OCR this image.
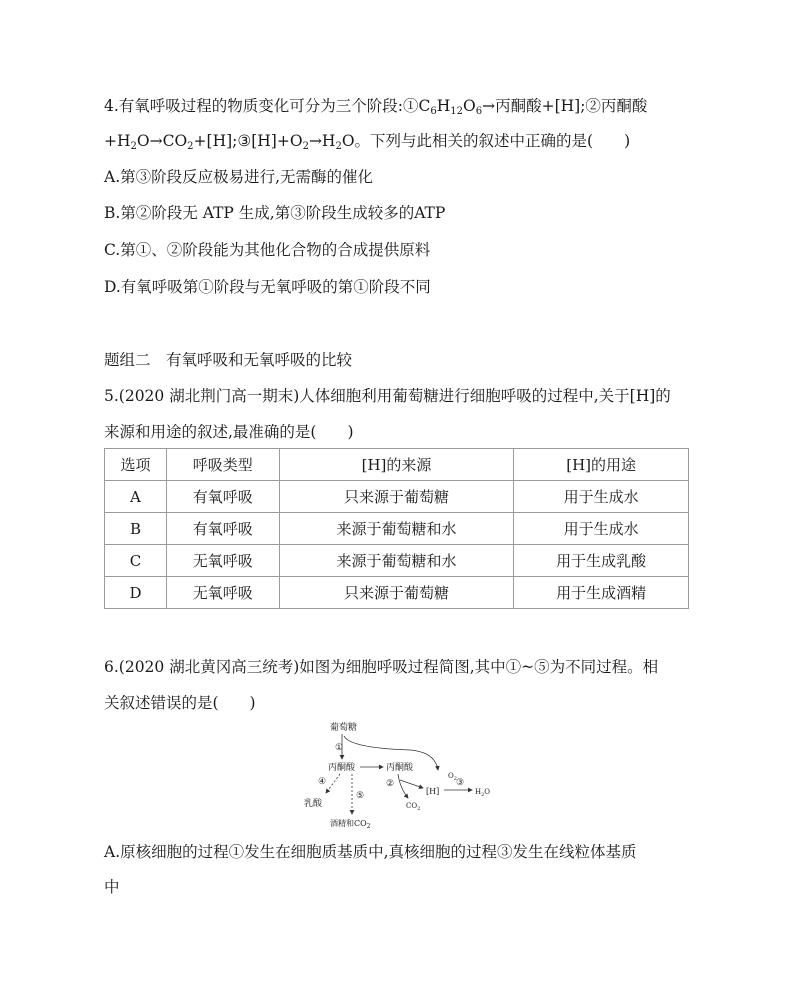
4.有氧呼吸过程的物质变化可分为三个阶段$:①C_6H_{12}O_6\to$丙酮酸+[H];②丙酮酸
$+H_2O\to CO_2+[H];③[H]+O_2\to H_2O$。下列与此相关的叙述中正确的是(　　)
A.第③阶段反应极易进行,无需酶的催化
B.第②阶段无 ATP 生成,第③阶段生成较多的ATP
C.第①、②阶段能为其他化合物的合成提供原料
D.有氧呼吸第①阶段与无氧呼吸的第①阶段不同
题组二　有氧呼吸和无氧呼吸的比较
5.(2020 湖北荆门高一期末)人体细胞利用葡萄糖进行细胞呼吸的过程中,关于[H]的
来源和用途的叙述,最准确的是(　　)
选项	呼吸类型	[H]的来源	[H]的用途
A	有氧呼吸	只来源于葡萄糖	用于生成水
B	有氧呼吸	来源于葡萄糖和水	用于生成水
C	无氧呼吸	来源于葡萄糖和水	用于生成乳酸
D	无氧呼吸	只来源于葡萄糖	用于生成酒精
6.(2020 湖北黄冈高三统考)如图为细胞呼吸过程简图,其中①~⑤为不同过程。相
关叙述错误的是(　　)
葡萄糖
①
丙酮酸	丙酮酸
④
乳酸
⑤
酒精和$CO_2$
②
$CO_2$
[H]
$O_2$ ③
$H_2O$
A.原核细胞的过程①发生在细胞质基质中,真核细胞的过程③发生在线粒体基质
中
